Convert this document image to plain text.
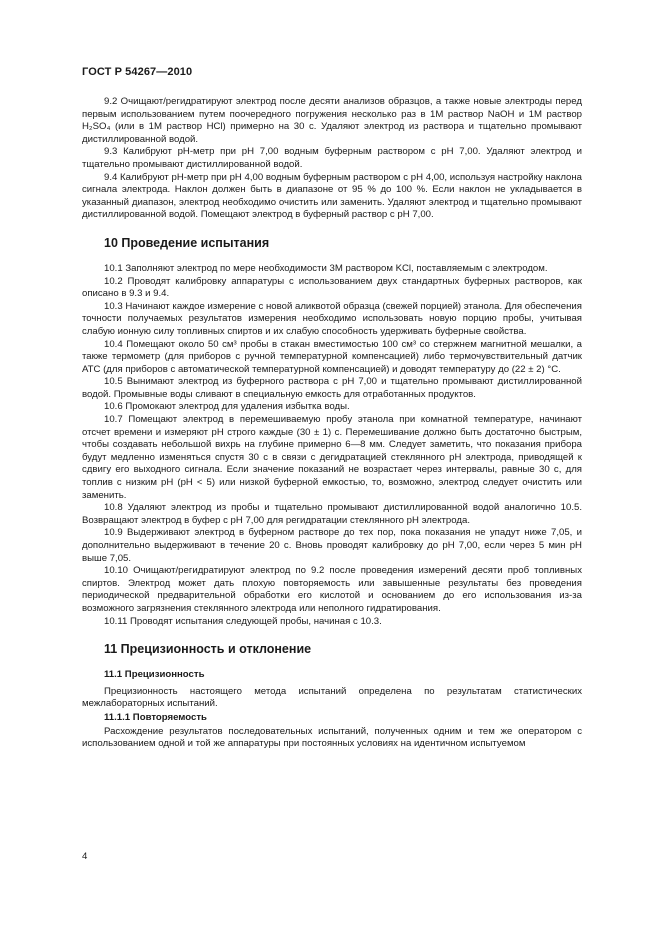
ГОСТ Р 54267—2010

9.2 Очищают/регидратируют электрод после десяти анализов образцов, а также новые электроды перед первым использованием путем поочередного погружения несколько раз в 1М раствор NaOH и 1М раствор H₂SO₄ (или в 1М раствор HCl) примерно на 30 с. Удаляют электрод из раствора и тщательно промывают дистиллированной водой.

9.3 Калибруют pH-метр при pH 7,00 водным буферным раствором с pH 7,00. Удаляют электрод и тщательно промывают дистиллированной водой.

9.4 Калибруют pH-метр при pH 4,00 водным буферным раствором с pH 4,00, используя настройку наклона сигнала электрода. Наклон должен быть в диапазоне от 95 % до 100 %. Если наклон не укладывается в указанный диапазон, электрод необходимо очистить или заменить. Удаляют электрод и тщательно промывают дистиллированной водой. Помещают электрод в буферный раствор с pH 7,00.

10 Проведение испытания

10.1 Заполняют электрод по мере необходимости 3М раствором KCl, поставляемым с электродом.

10.2 Проводят калибровку аппаратуры с использованием двух стандартных буферных растворов, как описано в 9.3 и 9.4.

10.3 Начинают каждое измерение с новой аликвотой образца (свежей порцией) этанола. Для обеспечения точности получаемых результатов измерения необходимо использовать новую порцию пробы, учитывая слабую ионную силу топливных спиртов и их слабую способность удерживать буферные свойства.

10.4 Помещают около 50 см³ пробы в стакан вместимостью 100 см³ со стержнем магнитной мешалки, а также термометр (для приборов с ручной температурной компенсацией) либо термочувствительный датчик АТС (для приборов с автоматической температурной компенсацией) и доводят температуру до (22 ± 2) °С.

10.5 Вынимают электрод из буферного раствора с pH 7,00 и тщательно промывают дистиллированной водой. Промывные воды сливают в специальную емкость для отработанных продуктов.

10.6 Промокают электрод для удаления избытка воды.

10.7 Помещают электрод в перемешиваемую пробу этанола при комнатной температуре, начинают отсчет времени и измеряют pH строго каждые (30 ± 1) с. Перемешивание должно быть достаточно быстрым, чтобы создавать небольшой вихрь на глубине примерно 6—8 мм. Следует заметить, что показания прибора будут медленно изменяться спустя 30 с в связи с дегидратацией стеклянного pH электрода, приводящей к сдвигу его выходного сигнала. Если значение показаний не возрастает через интервалы, равные 30 с, для топлив с низким pH (pH < 5) или низкой буферной емкостью, то, возможно, электрод следует очистить или заменить.

10.8 Удаляют электрод из пробы и тщательно промывают дистиллированной водой аналогично 10.5. Возвращают электрод в буфер с pH 7,00 для регидратации стеклянного pH электрода.

10.9 Выдерживают электрод в буферном растворе до тех пор, пока показания не упадут ниже 7,05, и дополнительно выдерживают в течение 20 с. Вновь проводят калибровку до pH 7,00, если через 5 мин pH выше 7,05.

10.10 Очищают/регидратируют электрод по 9.2 после проведения измерений десяти проб топливных спиртов. Электрод может дать плохую повторяемость или завышенные результаты без проведения периодической предварительной обработки его кислотой и основанием до его использования из-за возможного загрязнения стеклянного электрода или неполного гидратирования.

10.11 Проводят испытания следующей пробы, начиная с 10.3.

11 Прецизионность и отклонение
11.1 Прецизионность

Прецизионность настоящего метода испытаний определена по результатам статистических межлабораторных испытаний.

11.1.1 Повторяемость

Расхождение результатов последовательных испытаний, полученных одним и тем же оператором с использованием одной и той же аппаратуры при постоянных условиях на идентичном испытуемом

4
